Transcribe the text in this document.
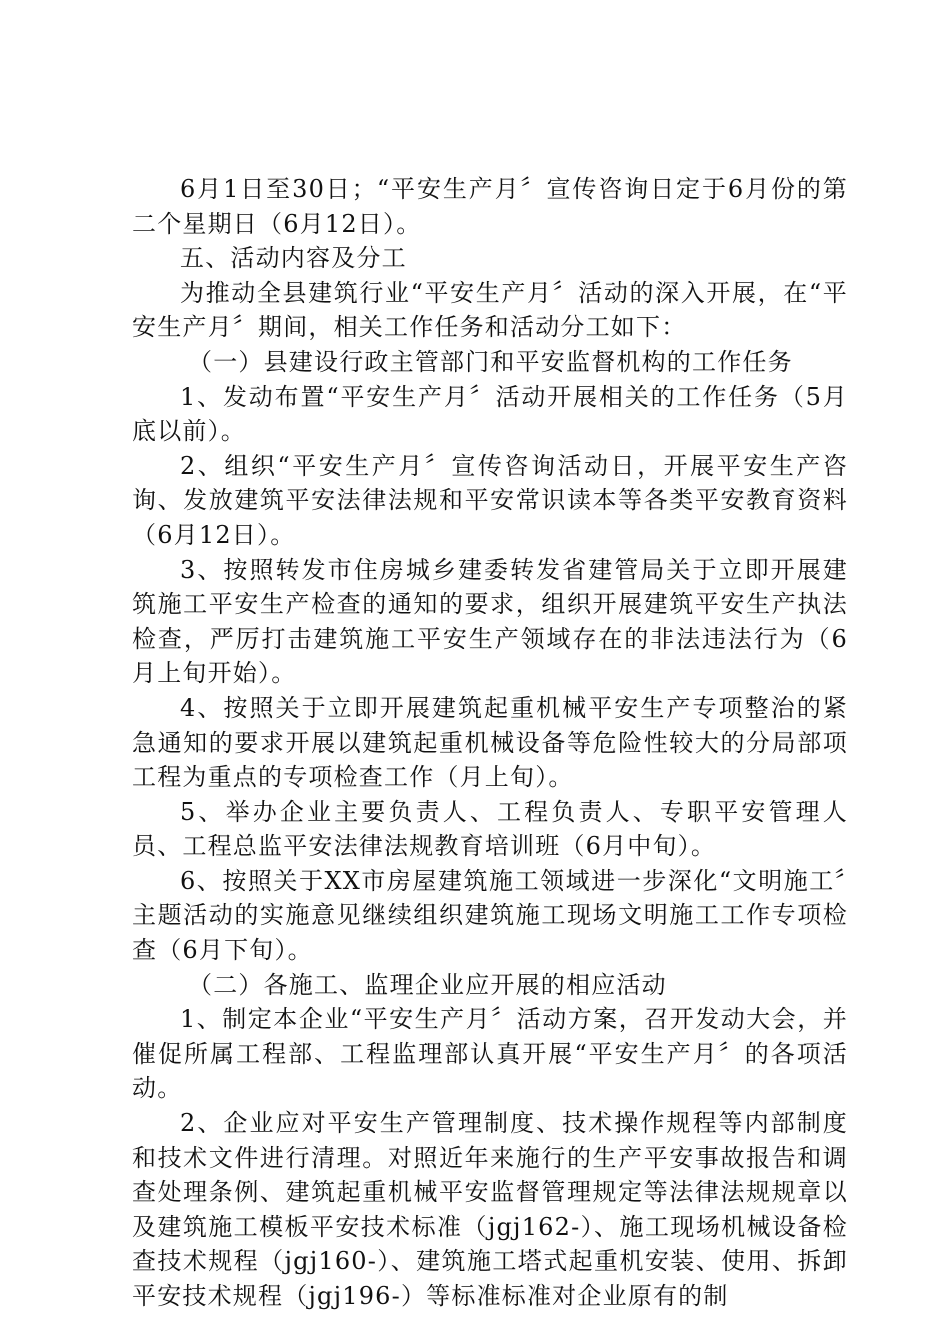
6月1日至30日；“平安生产月〞宣传咨询日定于6月份的第二个星期日（6月12日）。

五、活动内容及分工

为推动全县建筑行业“平安生产月〞活动的深入开展，在“平安生产月〞期间，相关工作任务和活动分工如下：

（一）县建设行政主管部门和平安监督机构的工作任务

1、发动布置“平安生产月〞活动开展相关的工作任务（5月底以前）。

2、组织“平安生产月〞宣传咨询活动日，开展平安生产咨询、发放建筑平安法律法规和平安常识读本等各类平安教育资料（6月12日）。

3、按照转发市住房城乡建委转发省建管局关于立即开展建筑施工平安生产检查的通知的要求，组织开展建筑平安生产执法检查，严厉打击建筑施工平安生产领域存在的非法违法行为（6月上旬开始）。

4、按照关于立即开展建筑起重机械平安生产专项整治的紧急通知的要求开展以建筑起重机械设备等危险性较大的分局部项工程为重点的专项检查工作（月上旬）。

5、举办企业主要负责人、工程负责人、专职平安管理人员、工程总监平安法律法规教育培训班（6月中旬）。

6、按照关于XX市房屋建筑施工领域进一步深化“文明施工〞主题活动的实施意见继续组织建筑施工现场文明施工工作专项检查（6月下旬）。

（二）各施工、监理企业应开展的相应活动

1、制定本企业“平安生产月〞活动方案，召开发动大会，并催促所属工程部、工程监理部认真开展“平安生产月〞的各项活动。

2、企业应对平安生产管理制度、技术操作规程等内部制度和技术文件进行清理。对照近年来施行的生产平安事故报告和调查处理条例、建筑起重机械平安监督管理规定等法律法规规章以及建筑施工模板平安技术标准（jgj162-）、施工现场机械设备检查技术规程（jgj160-）、建筑施工塔式起重机安装、使用、拆卸平安技术规程（jgj196-）等标准标准对企业原有的制
